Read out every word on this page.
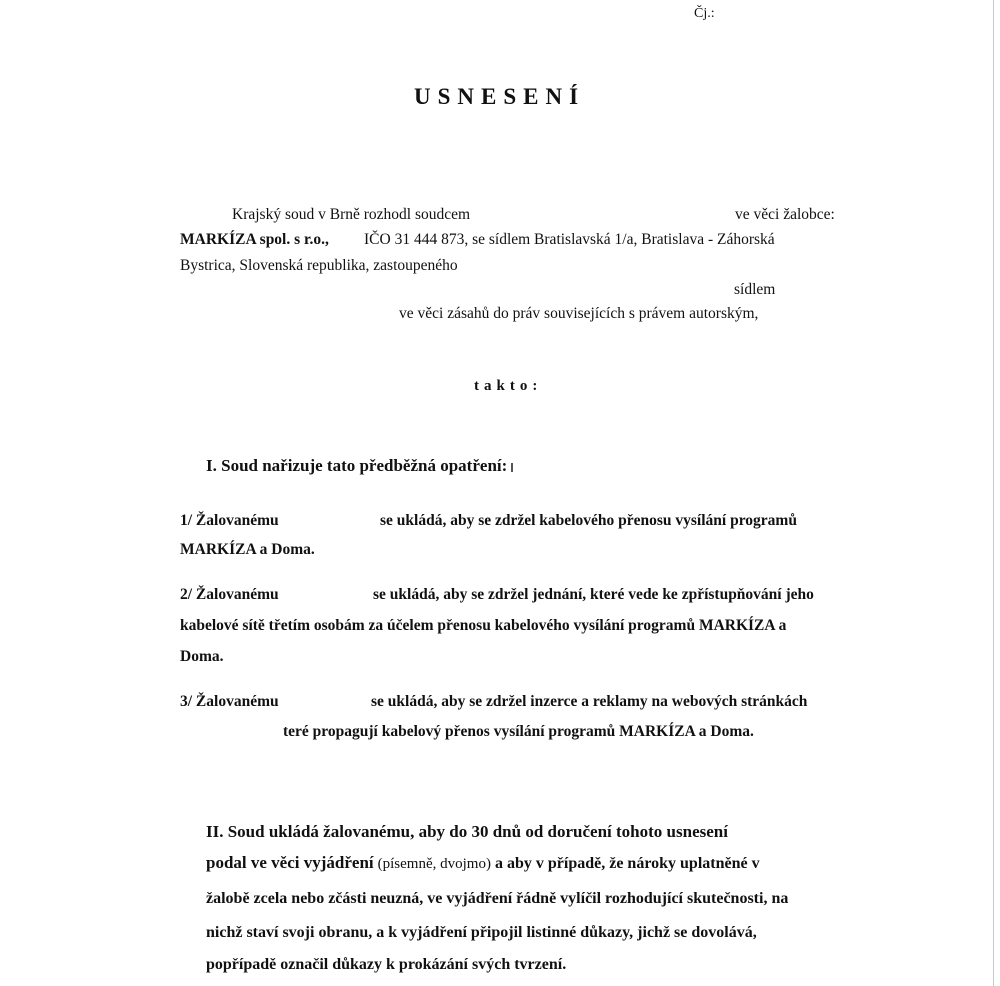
Čj.:
USNESENÍ
Krajský soud v Brně rozhodl soudcem	ve věci žalobce:
MARKÍZA spol. s r.o., IČO 31 444 873, se sídlem Bratislavská 1/a, Bratislava - Záhorská
Bystrica, Slovenská republika, zastoupeného
sídlem
ve věci zásahů do práv souvisejících s právem autorským,
takto:
I. Soud nařizuje tato předběžná opatření:
1/ Žalovanému	se ukládá, aby se zdržel kabelového přenosu vysílání programů
MARKÍZA a Doma.
2/ Žalovanému	se ukládá, aby se zdržel jednání, které vede ke zpřístupňování jeho
kabelové sítě třetím osobám za účelem přenosu kabelového vysílání programů MARKÍZA a
Doma.
3/ Žalovanému	se ukládá, aby se zdržel inzerce a reklamy na webových stránkách
teré propagují kabelový přenos vysílání programů MARKÍZA a Doma.
II. Soud ukládá žalovanému, aby do 30 dnů od doručení tohoto usnesení
podal ve věci vyjádření (písemně, dvojmo) a aby v případě, že nároky uplatněné v
žalobě zcela nebo zčásti neuzná, ve vyjádření řádně vylíčil rozhodující skutečnosti, na
nichž staví svoji obranu, a k vyjádření připojil listinné důkazy, jichž se dovolává,
popřípadě označil důkazy k prokázání svých tvrzení.
